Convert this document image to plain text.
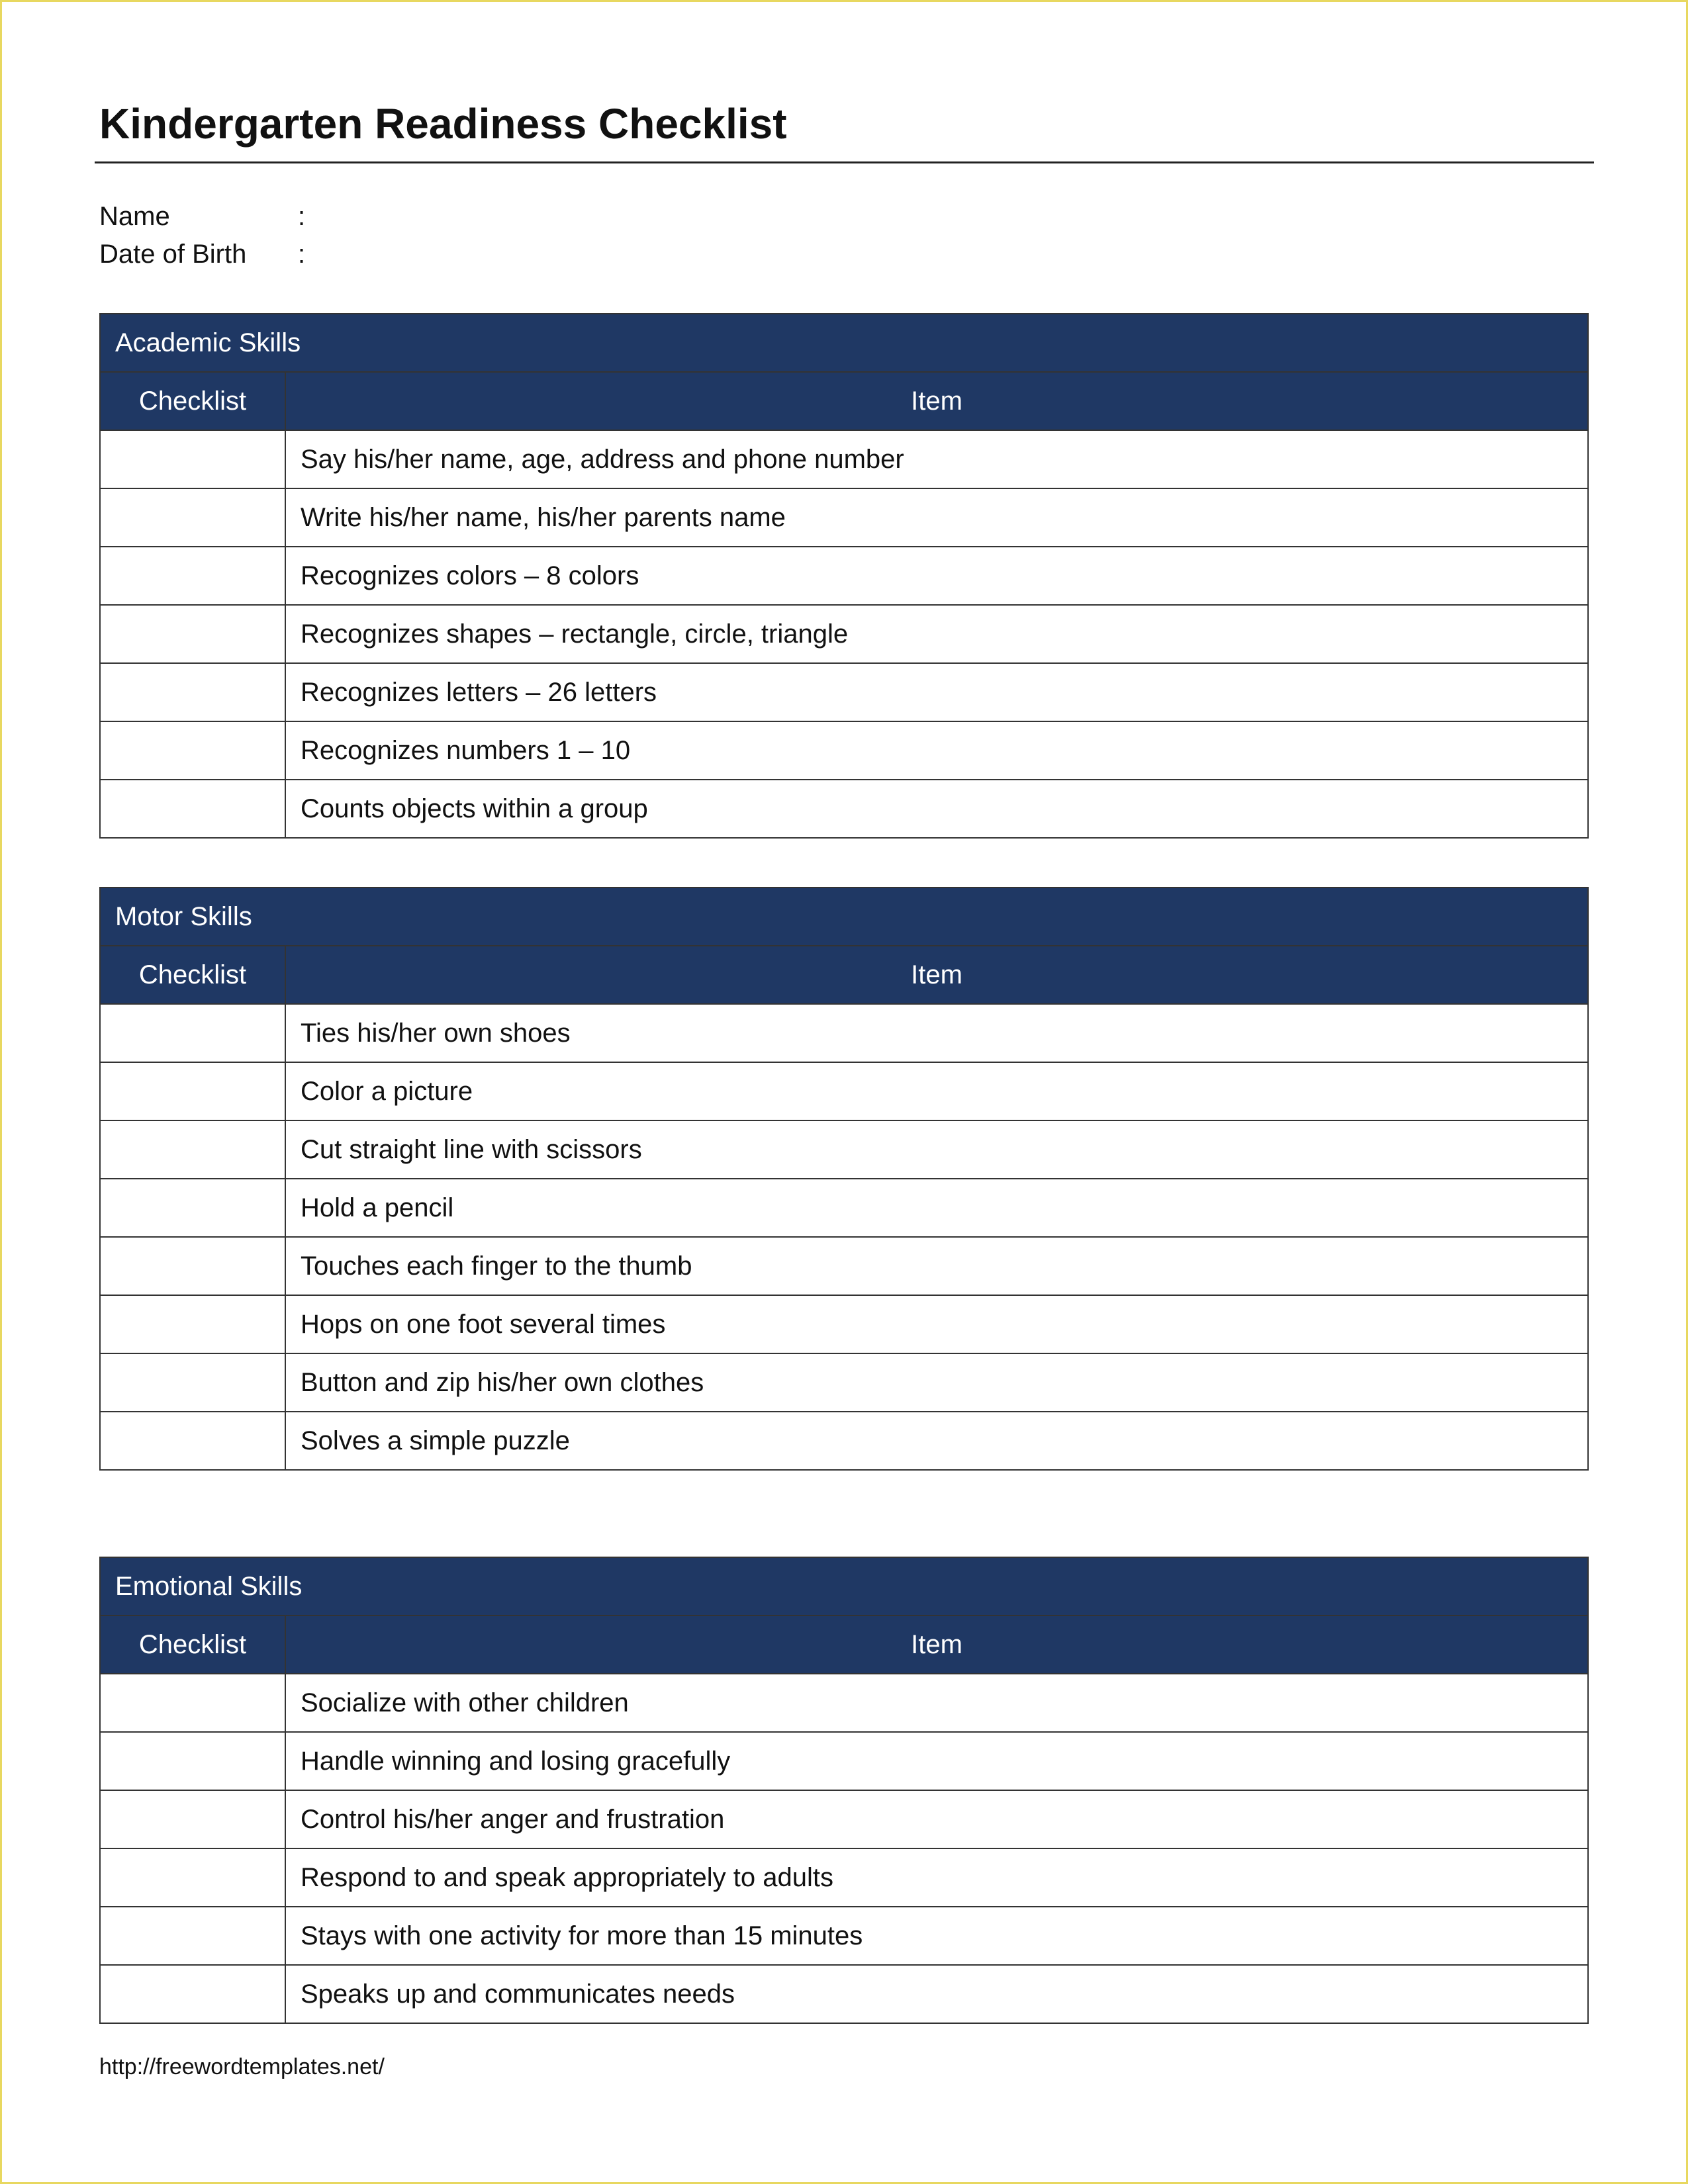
Kindergarten Readiness Checklist
Name	:
Date of Birth :
Academic Skills	
Checklist	Item
	Say his/her name, age, address and phone number
	Write his/her name, his/her parents name
	Recognizes colors – 8 colors
	Recognizes shapes – rectangle, circle, triangle
	Recognizes letters – 26 letters
	Recognizes numbers 1 – 10
	Counts objects within a group
Motor Skills	
Checklist	Item
	Ties his/her own shoes
	Color a picture
	Cut straight line with scissors
	Hold a pencil
	Touches each finger to the thumb
	Hops on one foot several times
	Button and zip his/her own clothes
	Solves a simple puzzle
Emotional Skills	
Checklist	Item
	Socialize with other children
	Handle winning and losing gracefully
	Control his/her anger and frustration
	Respond to and speak appropriately to adults
	Stays with one activity for more than 15 minutes
	Speaks up and communicates needs
http://freewordtemplates.net/
